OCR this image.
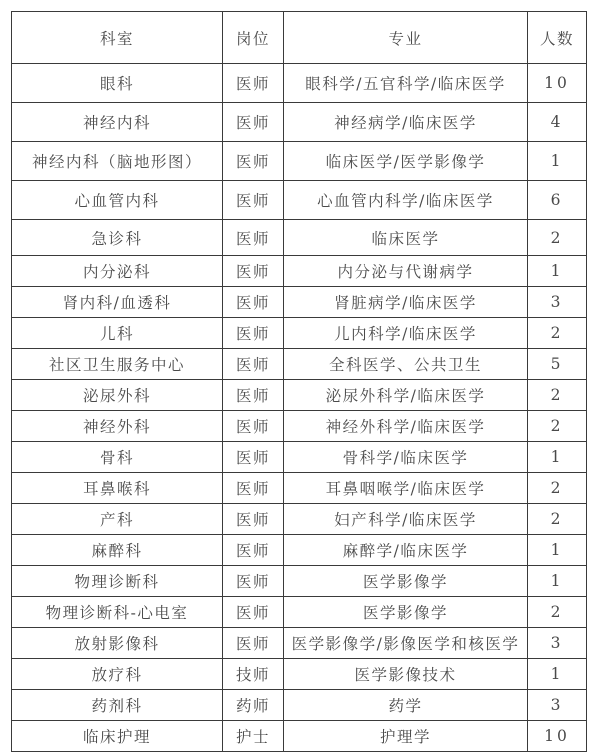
科室	岗位	专业	人数
眼科	医师	眼科学/五官科学/临床医学	10
神经内科	医师	神经病学/临床医学	4
神经内科（脑地形图）	医师	临床医学/医学影像学	1
心血管内科	医师	心血管内科学/临床医学	6
急诊科	医师	临床医学	2
内分泌科	医师	内分泌与代谢病学	1
肾内科/血透科	医师	肾脏病学/临床医学	3
儿科	医师	儿内科学/临床医学	2
社区卫生服务中心	医师	全科医学、公共卫生	5
泌尿外科	医师	泌尿外科学/临床医学	2
神经外科	医师	神经外科学/临床医学	2
骨科	医师	骨科学/临床医学	1
耳鼻喉科	医师	耳鼻咽喉学/临床医学	2
产科	医师	妇产科学/临床医学	2
麻醉科	医师	麻醉学/临床医学	1
物理诊断科	医师	医学影像学	1
物理诊断科-心电室	医师	医学影像学	2
放射影像科	医师	医学影像学/影像医学和核医学	3
放疗科	技师	医学影像技术	1
药剂科	药师	药学	3
临床护理	护士	护理学	10
